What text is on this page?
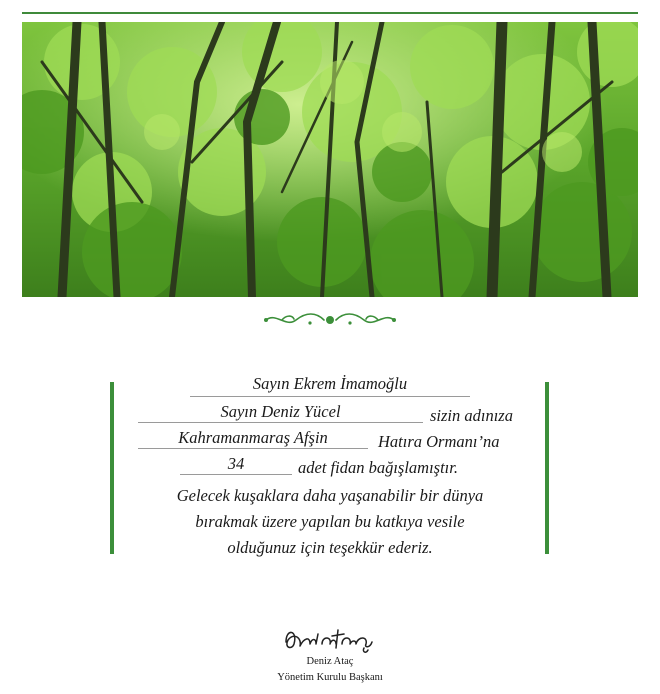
Sayın Ekrem İmamoğlu
Sayın Deniz Yücel	sizin adınıza
Kahramanmaraş Afşin	Hatıra Ormanı’na
34	adet fidan bağışlamıştır.
Gelecek kuşaklara daha yaşanabilir bir dünya
bırakmak üzere yapılan bu katkıya vesile
olduğunuz için teşekkür ederiz.
Deniz Ataç
Yönetim Kurulu Başkanı
